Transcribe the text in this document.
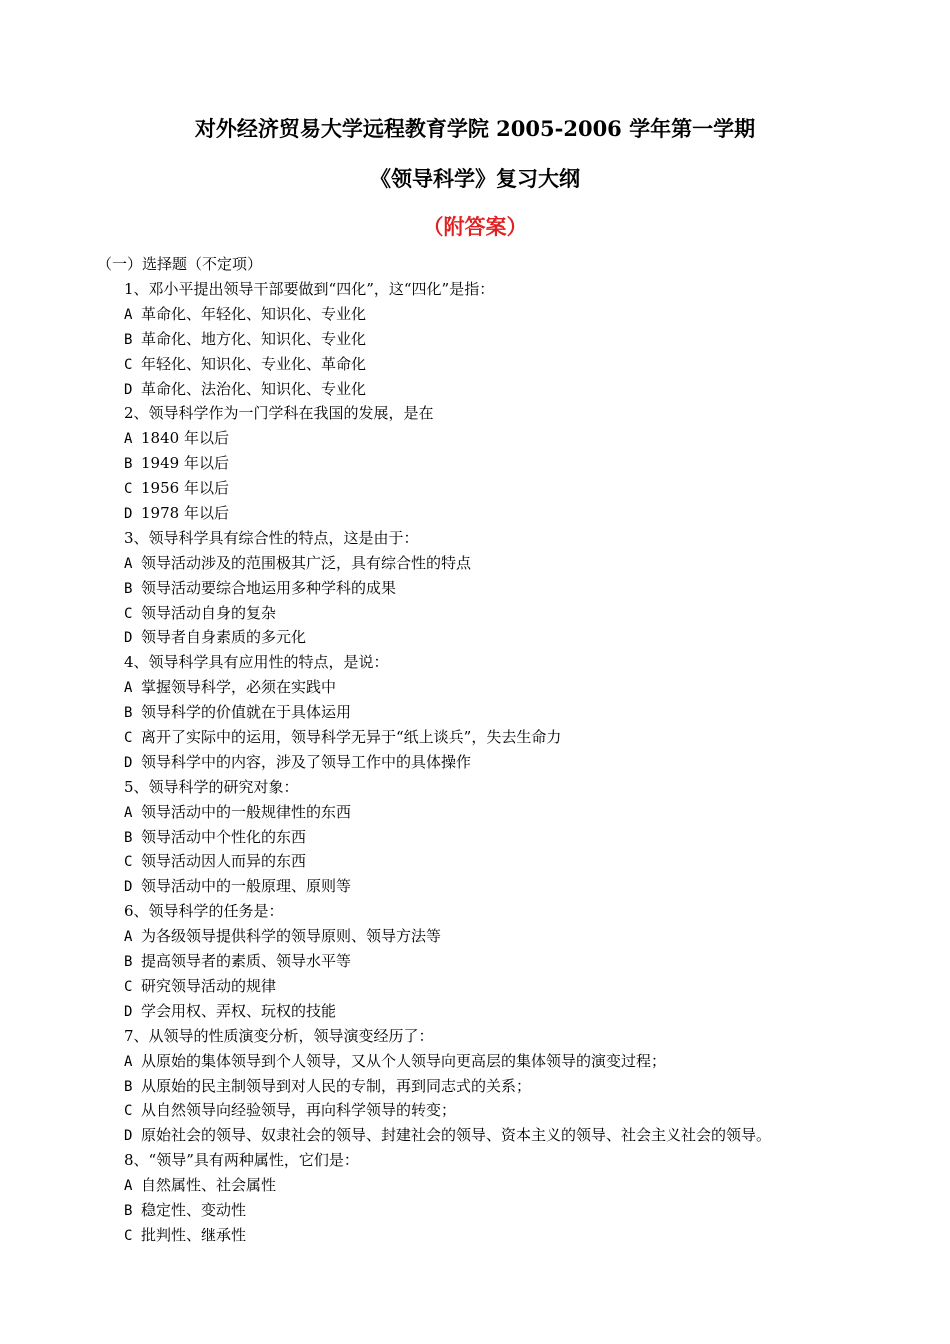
对外经济贸易大学远程教育学院 2005-2006 学年第一学期
《领导科学》复习大纲
（附答案）
（一）选择题（不定项）
1、邓小平提出领导干部要做到“四化”，这“四化”是指：
A 革命化、年轻化、知识化、专业化
B 革命化、地方化、知识化、专业化
C 年轻化、知识化、专业化、革命化
D 革命化、法治化、知识化、专业化
2、领导科学作为一门学科在我国的发展，是在
A 1840 年以后
B 1949 年以后
C 1956 年以后
D 1978 年以后
3、领导科学具有综合性的特点，这是由于：
A 领导活动涉及的范围极其广泛，具有综合性的特点
B 领导活动要综合地运用多种学科的成果
C 领导活动自身的复杂
D 领导者自身素质的多元化
4、领导科学具有应用性的特点，是说：
A 掌握领导科学，必须在实践中
B 领导科学的价值就在于具体运用
C 离开了实际中的运用，领导科学无异于“纸上谈兵”，失去生命力
D 领导科学中的内容，涉及了领导工作中的具体操作
5、领导科学的研究对象：
A 领导活动中的一般规律性的东西
B 领导活动中个性化的东西
C 领导活动因人而异的东西
D 领导活动中的一般原理、原则等
6、领导科学的任务是：
A 为各级领导提供科学的领导原则、领导方法等
B 提高领导者的素质、领导水平等
C 研究领导活动的规律
D 学会用权、弄权、玩权的技能
7、从领导的性质演变分析，领导演变经历了：
A 从原始的集体领导到个人领导，又从个人领导向更高层的集体领导的演变过程；
B 从原始的民主制领导到对人民的专制，再到同志式的关系；
C 从自然领导向经验领导，再向科学领导的转变；
D 原始社会的领导、奴隶社会的领导、封建社会的领导、资本主义的领导、社会主义社会的领导。
8、“领导”具有两种属性，它们是：
A 自然属性、社会属性
B 稳定性、变动性
C 批判性、继承性
